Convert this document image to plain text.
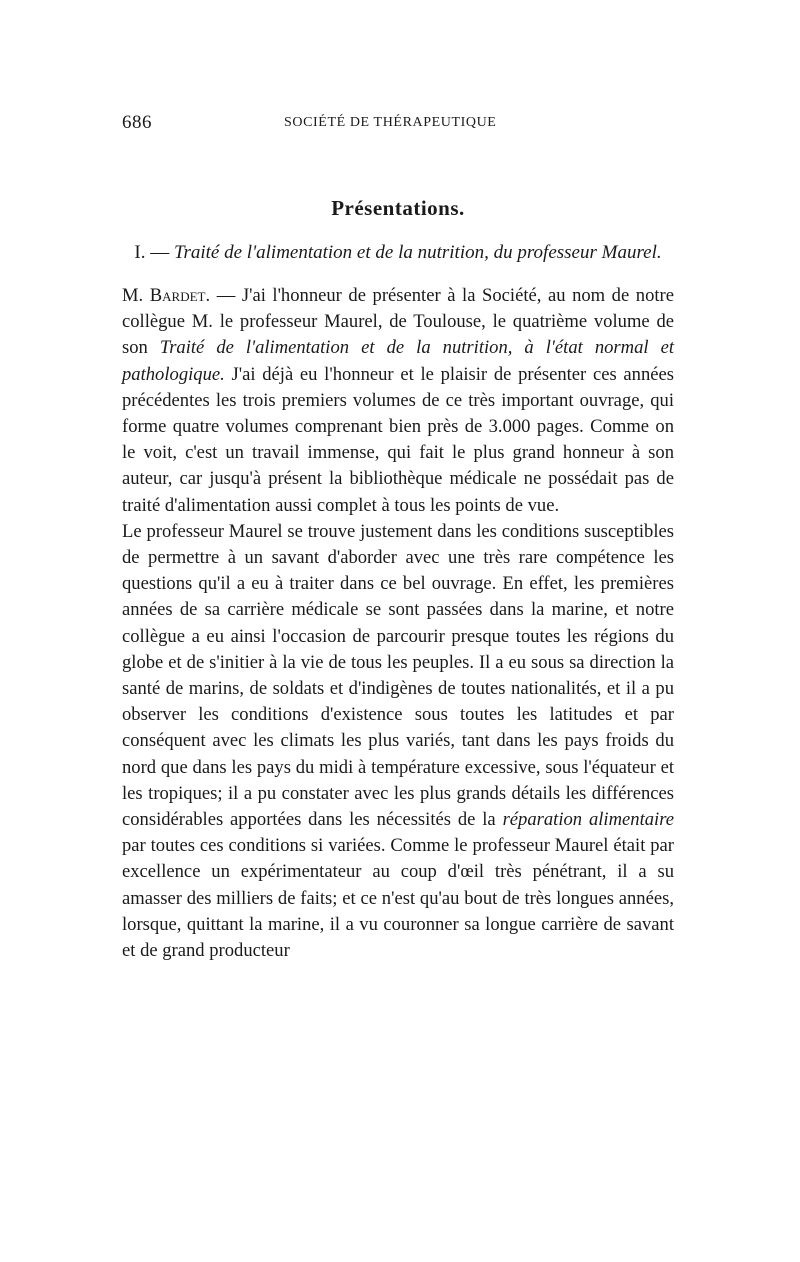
686	SOCIÉTÉ DE THÉRAPEUTIQUE
Présentations.
I. — Traité de l'alimentation et de la nutrition, du professeur Maurel.

M. Bardet. — J'ai l'honneur de présenter à la Société, au nom de notre collègue M. le professeur Maurel, de Toulouse, le quatrième volume de son Traité de l'alimentation et de la nutrition, à l'état normal et pathologique. J'ai déjà eu l'honneur et le plaisir de présenter ces années précédentes les trois premiers volumes de ce très important ouvrage, qui forme quatre volumes comprenant bien près de 3.000 pages. Comme on le voit, c'est un travail immense, qui fait le plus grand honneur à son auteur, car jusqu'à présent la bibliothèque médicale ne possédait pas de traité d'alimentation aussi complet à tous les points de vue.

Le professeur Maurel se trouve justement dans les conditions susceptibles de permettre à un savant d'aborder avec une très rare compétence les questions qu'il a eu à traiter dans ce bel ouvrage. En effet, les premières années de sa carrière médicale se sont passées dans la marine, et notre collègue a eu ainsi l'occasion de parcourir presque toutes les régions du globe et de s'initier à la vie de tous les peuples. Il a eu sous sa direction la santé de marins, de soldats et d'indigènes de toutes nationalités, et il a pu observer les conditions d'existence sous toutes les latitudes et par conséquent avec les climats les plus variés, tant dans les pays froids du nord que dans les pays du midi à température excessive, sous l'équateur et les tropiques; il a pu constater avec les plus grands détails les différences considérables apportées dans les nécessités de la réparation alimentaire par toutes ces conditions si variées. Comme le professeur Maurel était par excellence un expérimentateur au coup d'œil très pénétrant, il a su amasser des milliers de faits; et ce n'est qu'au bout de très longues années, lorsque, quittant la marine, il a vu couronner sa longue carrière de savant et de grand producteur
